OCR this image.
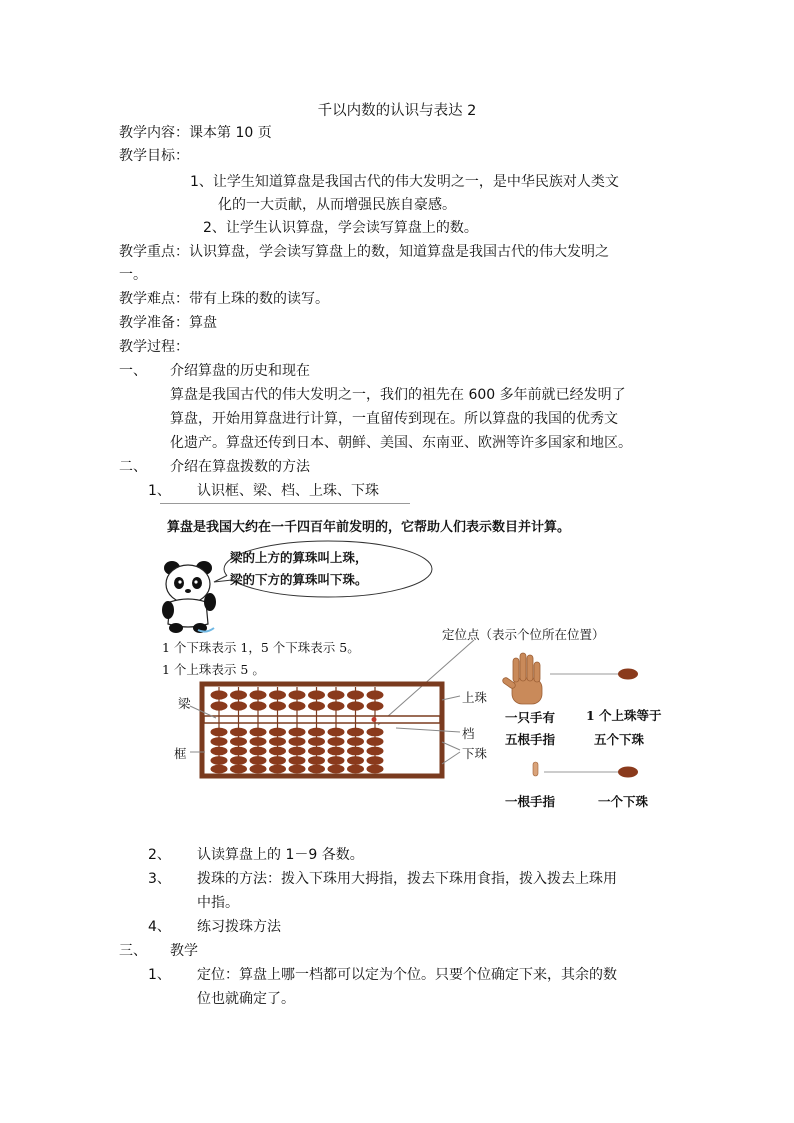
千以内数的认识与表达 2
教学内容：课本第 10 页
教学目标：
1、让学生知道算盘是我国古代的伟大发明之一，是中华民族对人类文
化的一大贡献，从而增强民族自豪感。
2、让学生认识算盘，学会读写算盘上的数。
教学重点：认识算盘，学会读写算盘上的数，知道算盘是我国古代的伟大发明之
一。
教学难点：带有上珠的数的读写。
教学准备：算盘
教学过程：
一、 介绍算盘的历史和现在
算盘是我国古代的伟大发明之一，我们的祖先在 600 多年前就已经发明了
算盘，开始用算盘进行计算，一直留传到现在。所以算盘的我国的优秀文
化遗产。算盘还传到日本、朝鲜、美国、东南亚、欧洲等许多国家和地区。
二、 介绍在算盘拨数的方法
1、 认识框、梁、档、上珠、下珠
算盘是我国大约在一千四百年前发明的，它帮助人们表示数目并计算。
梁的上方的算珠叫上珠，
梁的下方的算珠叫下珠。
1 个下珠表示 1，5 个下珠表示 5。
1 个上珠表示 5 。
定位点（表示个位所在位置）
梁
框
上珠
档
下珠
一只手有
五根手指
1 个上珠等于
五个下珠
一根手指	一个下珠
2、 认读算盘上的 1－9 各数。
3、 拨珠的方法：拨入下珠用大拇指，拨去下珠用食指，拨入拨去上珠用
中指。
4、 练习拨珠方法
三、 教学
1、 定位：算盘上哪一档都可以定为个位。只要个位确定下来，其余的数
位也就确定了。
